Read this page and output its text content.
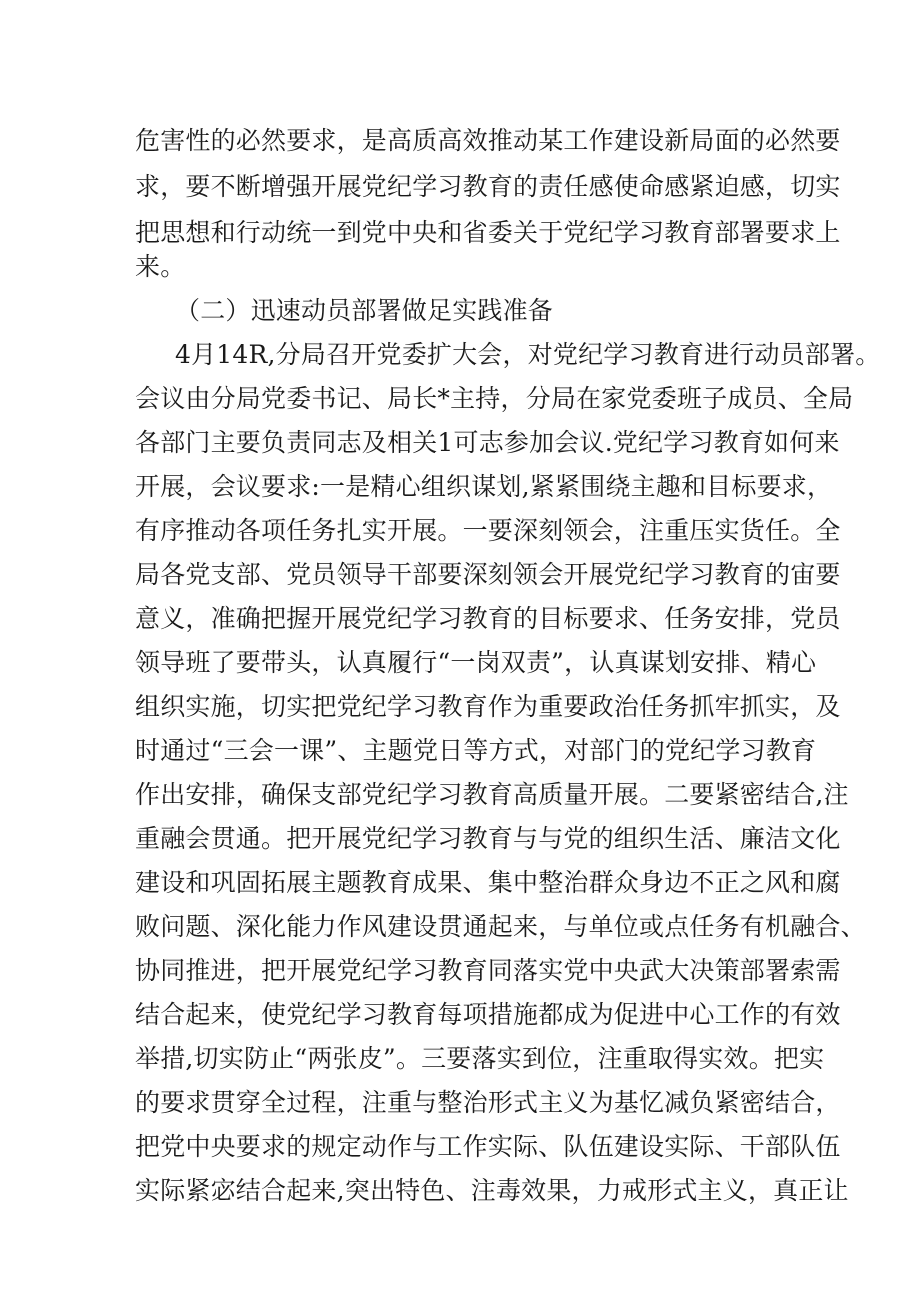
危害性的必然要求，是高质高效推动某工作建设新局面的必然要
求，要不断增强开展党纪学习教育的责任感使命感紧迫感，切实
把思想和行动统一到党中央和省委关于党纪学习教育部署要求上
来。
（二）迅速动员部署做足实践准备
4月14R,分局召开党委扩大会，对党纪学习教育进行动员部署。
会议由分局党委书记、局长*主持，分局在家党委班子成员、全局
各部门主要负责同志及相关1可志参加会议.党纪学习教育如何来
开展，会议要求:一是精心组织谋划,紧紧围绕主趣和目标要求，
有序推动各项任务扎实开展。一要深刻领会，注重压实货任。全
局各党支部、党员领导干部要深刻领会开展党纪学习教育的宙要
意义，准确把握开展党纪学习教育的目标要求、任务安排，党员
领导班了要带头，认真履行“一岗双责”，认真谋划安排、精心
组织实施，切实把党纪学习教育作为重要政治任务抓牢抓实，及
时通过“三会一课”、主题党日等方式，对部门的党纪学习教育
作出安排，确保支部党纪学习教育高质量开展。二要紧密结合,注
重融会贯通。把开展党纪学习教育与与党的组织生活、廉洁文化
建设和巩固拓展主题教育成果、集中整治群众身边不正之风和腐
败问题、深化能力作风建设贯通起来，与单位或点任务有机融合、
协同推进，把开展党纪学习教育同落实党中央武大决策部署索需
结合起来，使党纪学习教育每项措施都成为促进中心工作的有效
举措,切实防止“两张皮”。三要落实到位，注重取得实效。把实
的要求贯穿全过程，注重与整治形式主义为基忆减负紧密结合，
把党中央要求的规定动作与工作实际、队伍建设实际、干部队伍
实际紧宓结合起来,突出特色、注毒效果，力戒形式主义，真正让
